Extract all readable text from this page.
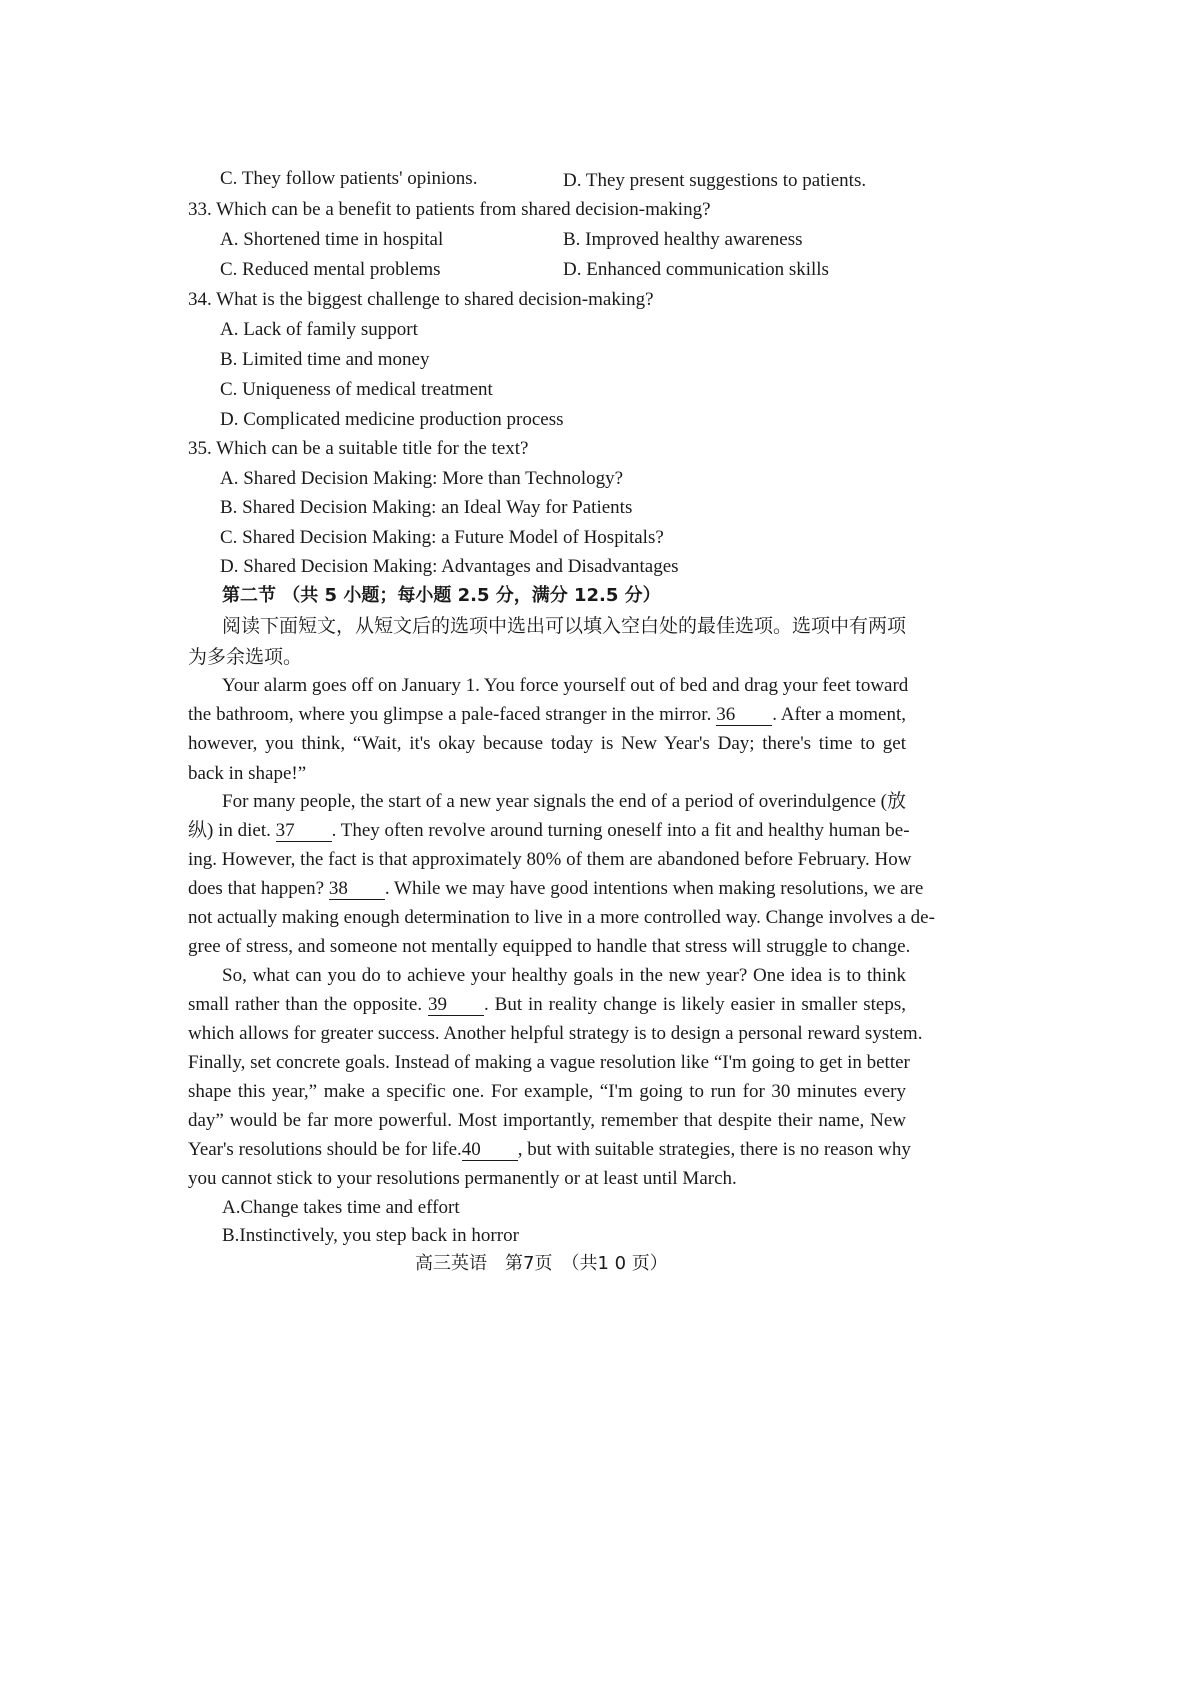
C. They follow patients' opinions.	D. They present suggestions to patients.
33. Which can be a benefit to patients from shared decision-making?
A. Shortened time in hospital	B. Improved healthy awareness
C. Reduced mental problems	D. Enhanced communication skills
34. What is the biggest challenge to shared decision-making?
A. Lack of family support
B. Limited time and money
C. Uniqueness of medical treatment
D. Complicated medicine production process
35. Which can be a suitable title for the text?
A. Shared Decision Making: More than Technology?
B. Shared Decision Making: an Ideal Way for Patients
C. Shared Decision Making: a Future Model of Hospitals?
D. Shared Decision Making: Advantages and Disadvantages
第二节 （共 5 小题；每小题 2.5 分，满分 12.5 分）
阅读下面短文，从短文后的选项中选出可以填入空白处的最佳选项。选项中有两项
为多余选项。
Your alarm goes off on January 1. You force yourself out of bed and drag your feet toward
the bathroom, where you glimpse a pale-faced stranger in the mirror. 36 . After a moment,
however, you think, “Wait, it's okay because today is New Year's Day; there's time to get
back in shape!”
For many people, the start of a new year signals the end of a period of overindulgence (放
纵) in diet. 37 . They often revolve around turning oneself into a fit and healthy human be-
ing. However, the fact is that approximately 80% of them are abandoned before February. How
does that happen? 38 . While we may have good intentions when making resolutions, we are
not actually making enough determination to live in a more controlled way. Change involves a de-
gree of stress, and someone not mentally equipped to handle that stress will struggle to change.
So, what can you do to achieve your healthy goals in the new year? One idea is to think
small rather than the opposite. 39 . But in reality change is likely easier in smaller steps,
which allows for greater success. Another helpful strategy is to design a personal reward system.
Finally, set concrete goals. Instead of making a vague resolution like “I'm going to get in better
shape this year,” make a specific one. For example, “I'm going to run for 30 minutes every
day” would be far more powerful. Most importantly, remember that despite their name, New
Year's resolutions should be for life.40 , but with suitable strategies, there is no reason why
you cannot stick to your resolutions permanently or at least until March.
A.Change takes time and effort
B.Instinctively, you step back in horror
高三英语　第7页　（共1 0 页）
